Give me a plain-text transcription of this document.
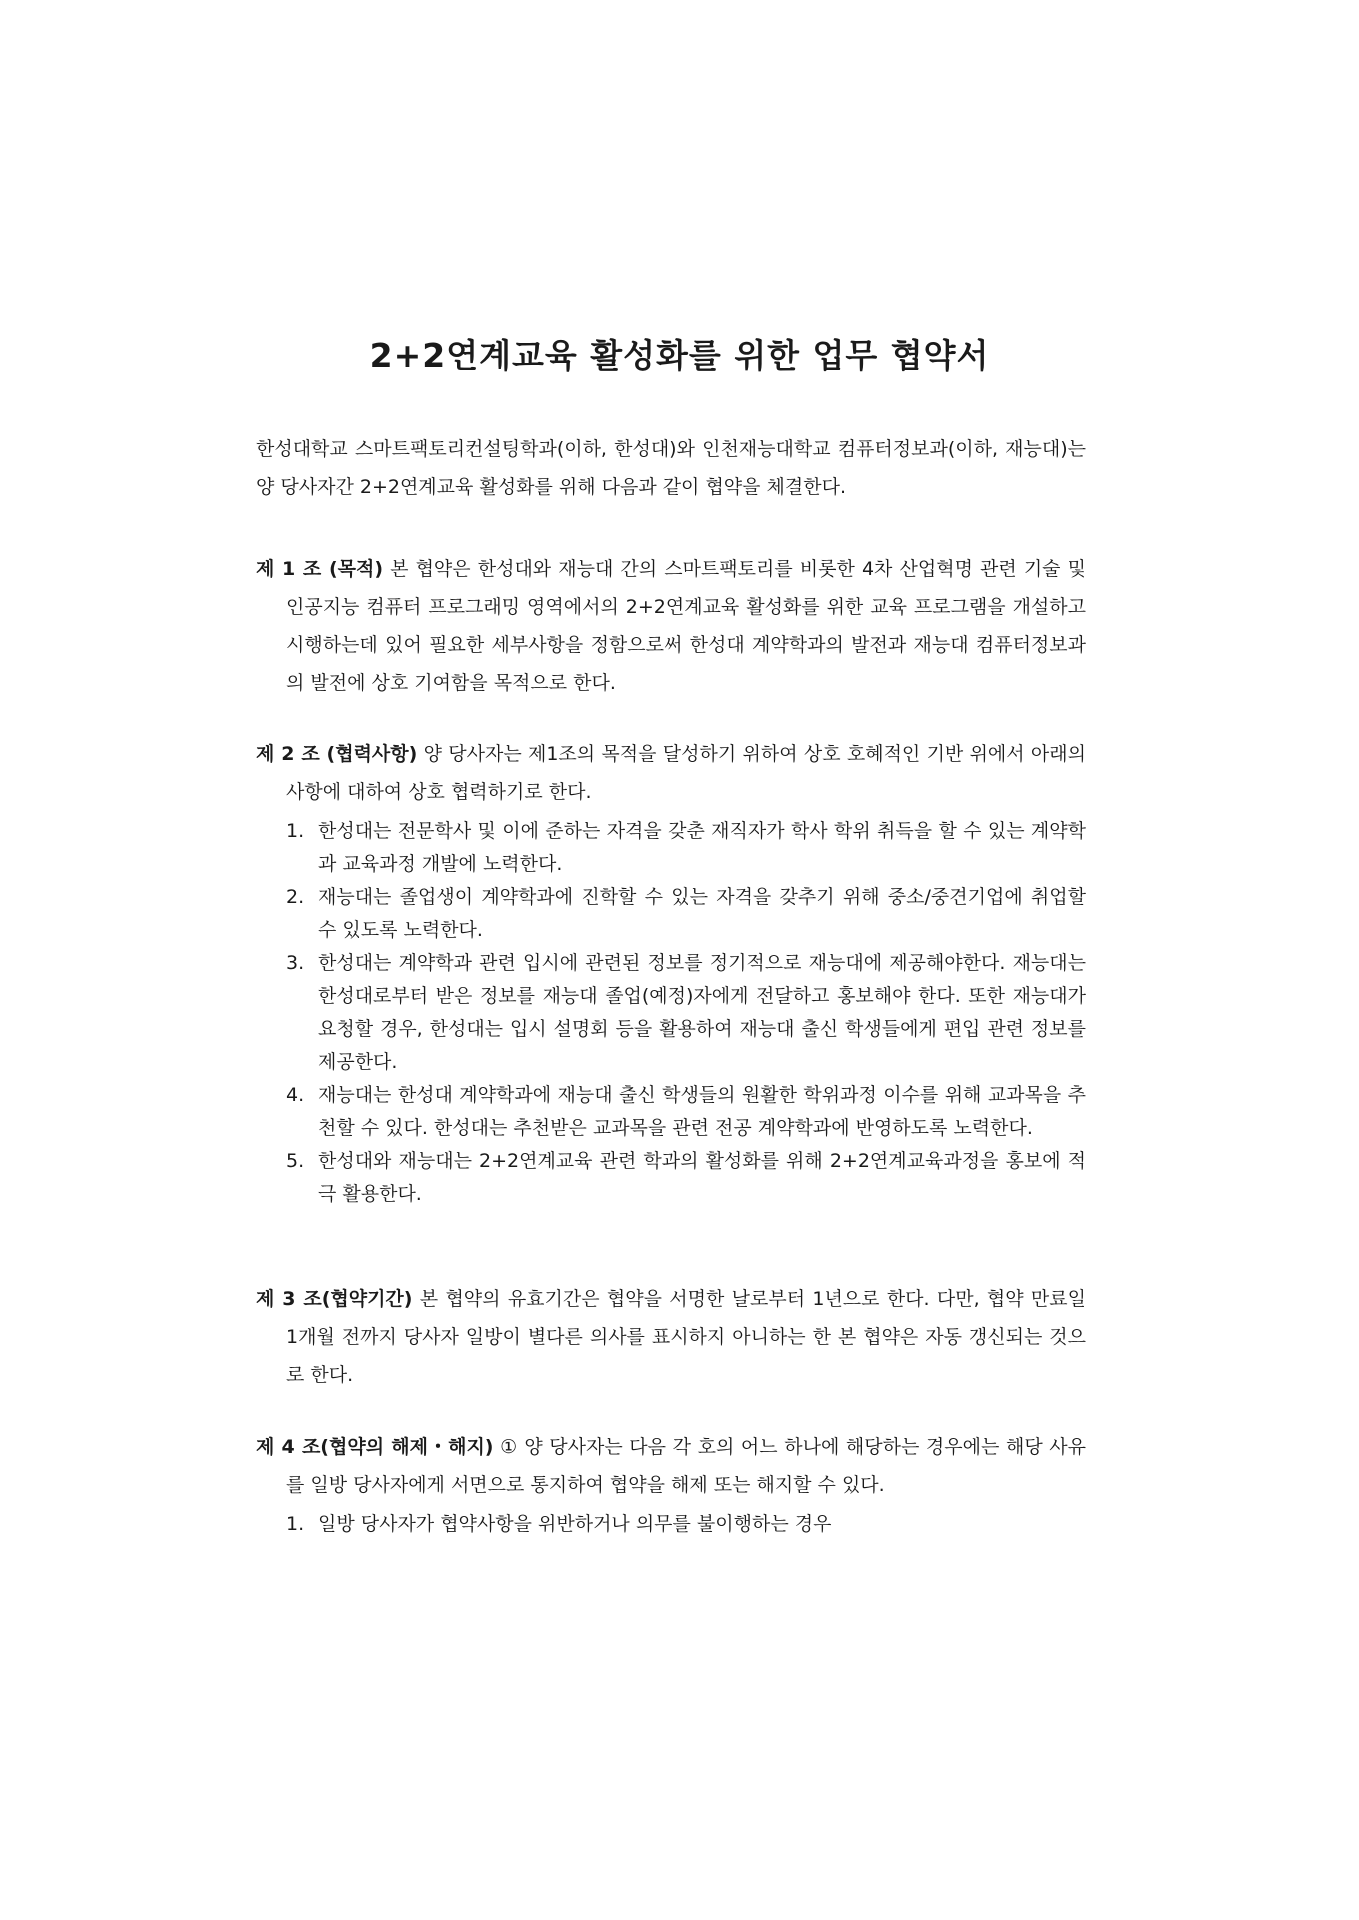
2+2연계교육 활성화를 위한 업무 협약서

한성대학교 스마트팩토리컨설팅학과(이하, 한성대)와 인천재능대학교 컴퓨터정보과(이하, 재능대)는 양 당사자간 2+2연계교육 활성화를 위해 다음과 같이 협약을 체결한다.

제 1 조 (목적) 본 협약은 한성대와 재능대 간의 스마트팩토리를 비롯한 4차 산업혁명 관련 기술 및 인공지능 컴퓨터 프로그래밍 영역에서의 2+2연계교육 활성화를 위한 교육 프로그램을 개설하고 시행하는데 있어 필요한 세부사항을 정함으로써 한성대 계약학과의 발전과 재능대 컴퓨터정보과의 발전에 상호 기여함을 목적으로 한다.

제 2 조 (협력사항) 양 당사자는 제1조의 목적을 달성하기 위하여 상호 호혜적인 기반 위에서 아래의 사항에 대하여 상호 협력하기로 한다.

1. 한성대는 전문학사 및 이에 준하는 자격을 갖춘 재직자가 학사 학위 취득을 할 수 있는 계약학과 교육과정 개발에 노력한다.
2. 재능대는 졸업생이 계약학과에 진학할 수 있는 자격을 갖추기 위해 중소/중견기업에 취업할 수 있도록 노력한다.
3. 한성대는 계약학과 관련 입시에 관련된 정보를 정기적으로 재능대에 제공해야한다. 재능대는 한성대로부터 받은 정보를 재능대 졸업(예정)자에게 전달하고 홍보해야 한다. 또한 재능대가 요청할 경우, 한성대는 입시 설명회 등을 활용하여 재능대 출신 학생들에게 편입 관련 정보를 제공한다.
4. 재능대는 한성대 계약학과에 재능대 출신 학생들의 원활한 학위과정 이수를 위해 교과목을 추천할 수 있다. 한성대는 추천받은 교과목을 관련 전공 계약학과에 반영하도록 노력한다.
5. 한성대와 재능대는 2+2연계교육 관련 학과의 활성화를 위해 2+2연계교육과정을 홍보에 적극 활용한다.

제 3 조(협약기간) 본 협약의 유효기간은 협약을 서명한 날로부터 1년으로 한다. 다만, 협약 만료일 1개월 전까지 당사자 일방이 별다른 의사를 표시하지 아니하는 한 본 협약은 자동 갱신되는 것으로 한다.

제 4 조(협약의 해제・해지) ① 양 당사자는 다음 각 호의 어느 하나에 해당하는 경우에는 해당 사유를 일방 당사자에게 서면으로 통지하여 협약을 해제 또는 해지할 수 있다.

1. 일방 당사자가 협약사항을 위반하거나 의무를 불이행하는 경우
